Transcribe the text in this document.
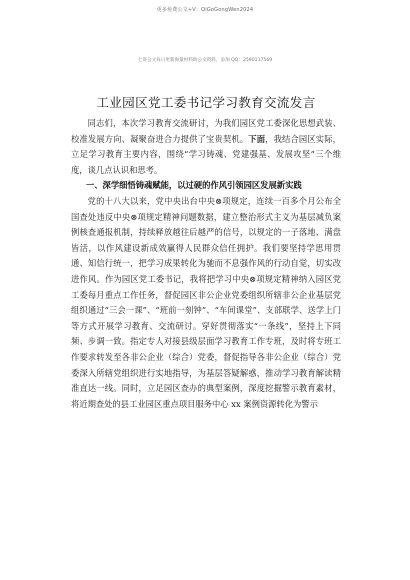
更多免费公文+V：QiGoGongWen2024
七哥公文每日更新海量材料助公文资料，添加 QQ：2590117569
工业园区党工委书记学习教育交流发言

同志们，本次学习教育交流研讨，为我们园区党工委深化思想武装、校准发展方向、凝聚奋进合力提供了宝贵契机。下面，我结合园区实际，立足学习教育主要内容，围绕“学习铸魂、党建强基、发展攻坚”三个维度，谈几点认识和思考。

一、深学细悟铸魂赋能，以过硬的作风引领园区发展新实践

党的十八大以来，党中央出台中央⊗项规定，连续一百多个月公布全国查处违反中央⊗项规定精神问题数据，建立整治形式主义为基层减负案例核查通报机制，持续释放越往后越严的信号，以规定的一子落地、满盘皆活，以作风建设新成效赢得人民群众信任拥护。我们要坚持学思用贯通、知信行统一，把学习成果转化为驰而不息强作风的行动自觉，切实改进作风。作为园区党工委书记，我将把学习中央⊗项规定精神纳入园区党工委每月重点工作任务，督促园区非公企业党委组织所辖非公企业基层党组织通过“三会一课”、“班前一刻钟”、“车间课堂”、支部联学、送学上门等方式开展学习教育、交流研讨。穿好贯彻落实“一条线”，坚持上下同频、步调一致。指定专人对接县级层面学习教育工作专班，及时将专班工作要求转发至各非公企业（综合）党委，督促指导各非公企业（综合）党委深入所辖党组织进行实地指导，为基层答疑解惑，推动学习教育解读精准直达一线。同时，立足园区查办的典型案例，深度挖掘警示教育素材，将近期查处的县工业园区重点项目服务中心 xx 案例资源转化为警示
